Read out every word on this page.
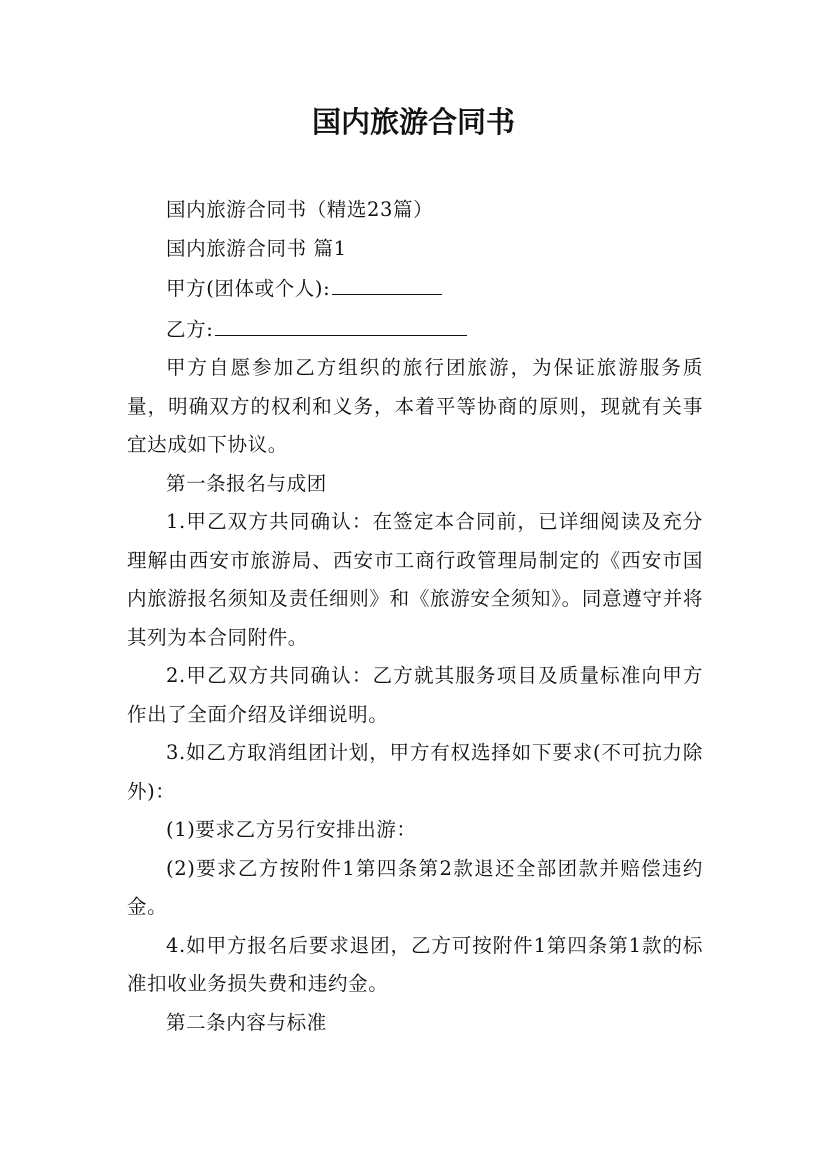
国内旅游合同书

国内旅游合同书（精选23篇）

国内旅游合同书 篇1

甲方(团体或个人):

乙方:

甲方自愿参加乙方组织的旅行团旅游，为保证旅游服务质量，明确双方的权利和义务，本着平等协商的原则，现就有关事宜达成如下协议。

第一条报名与成团

1.甲乙双方共同确认：在签定本合同前，已详细阅读及充分理解由西安市旅游局、西安市工商行政管理局制定的《西安市国内旅游报名须知及责任细则》和《旅游安全须知》。同意遵守并将其列为本合同附件。

2.甲乙双方共同确认：乙方就其服务项目及质量标准向甲方作出了全面介绍及详细说明。

3.如乙方取消组团计划，甲方有权选择如下要求(不可抗力除外)：

(1)要求乙方另行安排出游：

(2)要求乙方按附件1第四条第2款退还全部团款并赔偿违约金。

4.如甲方报名后要求退团，乙方可按附件1第四条第1款的标准扣收业务损失费和违约金。

第二条内容与标准
